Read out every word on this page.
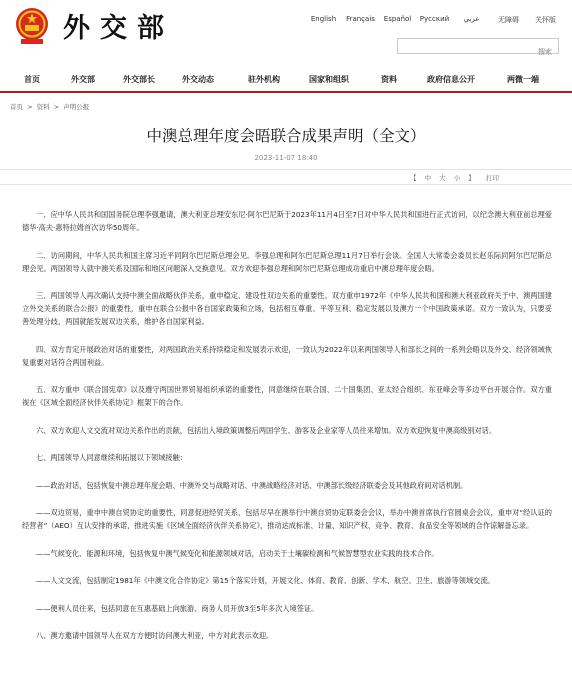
外交部	English	Français	Español	Русский	عربي	无障碍	关怀版
搜索
首页	外交部	外交部长	外交动态	驻外机构	国家和组织	资料	政府信息公开	两微一端
首页 > 资料 > 声明公报
中澳总理年度会晤联合成果声明（全文）
2023-11-07 18:40
【 中 大 小 】 打印

一、应中华人民共和国国务院总理李强邀请，澳大利亚总理安东尼·阿尔巴尼斯于2023年11月4日至7日对中华人民共和国进行正式访问，以纪念澳大利亚前总理爱德华·高夫·惠特拉姆首次访华50周年。

二、访问期间，中华人民共和国主席习近平同阿尔巴尼斯总理会见。李强总理和阿尔巴尼斯总理11月7日举行会谈。全国人大常委会委员长赵乐际同阿尔巴尼斯总理会见。两国领导人就中澳关系及国际和地区问题深入交换意见。双方欢迎李强总理和阿尔巴尼斯总理成功重启中澳总理年度会晤。

三、两国领导人再次确认支持中澳全面战略伙伴关系，重申稳定、建设性双边关系的重要性。双方重申1972年《中华人民共和国和澳大利亚政府关于中、澳两国建立外交关系的联合公报》的重要性，重申在联合公报中各自国家政策和立场，包括相互尊重、平等互利、稳定发展以及澳方一个中国政策承诺。双方一致认为，只要妥善处理分歧，两国就能发展双边关系，维护各自国家利益。

四、双方肯定开展政治对话的重要性，对两国政治关系持续稳定和发展表示欢迎，一致认为2022年以来两国领导人和部长之间的一系列会晤以及外交、经济领域恢复重要对话符合两国利益。

五、双方重申《联合国宪章》以及遵守两国世界贸易组织承诺的重要性，同意继续在联合国、二十国集团、亚太经合组织、东亚峰会等多边平台开展合作。双方重视在《区域全面经济伙伴关系协定》框架下的合作。

六、双方欢迎人文交流对双边关系作出的贡献，包括出入境政策调整后两国学生、游客及企业家等人员往来增加。双方欢迎恢复中澳高级别对话。

七、两国领导人同意继续和拓展以下领域接触：

——政治对话，包括恢复中澳总理年度会晤、中澳外交与战略对话、中澳战略经济对话、中澳部长级经济联委会及其他政府间对话机制。

——双边贸易，重申中澳自贸协定的重要性，同意促进经贸关系，包括尽早在澳举行中澳自贸协定联委会会议，举办中澳首席执行官圆桌会会议，重申对“经认证的经营者”（AEO）互认安排的承诺，推进实施《区域全面经济伙伴关系协定》，推动达成标准、计量、知识产权、竞争、教育、食品安全等领域的合作谅解备忘录。

——气候变化、能源和环境，包括恢复中澳气候变化和能源领域对话，启动关于土壤碳检测和气候智慧型农业实践的技术合作。

——人文交流，包括制定1981年《中澳文化合作协定》第15个落实计划，开展文化、体育、教育、创新、学术、航空、卫生、旅游等领域交流。

——便利人员往来，包括同意在互惠基础上向旅游、商务人员开放3至5年多次入境签证。

八、澳方邀请中国领导人在双方方便时访问澳大利亚，中方对此表示欢迎。
